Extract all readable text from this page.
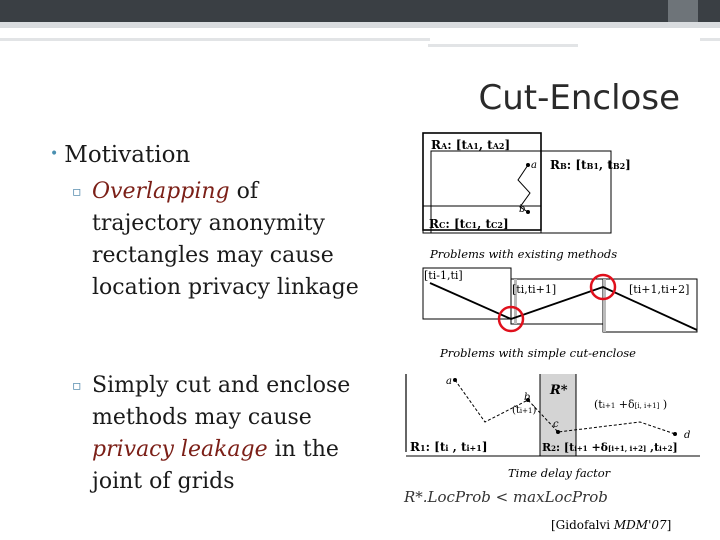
Cut-Enclose
• Motivation
▫ Overlapping of trajectory anonymity rectangles may cause location privacy linkage
▫ Simply cut and enclose methods may cause privacy leakage in the joint of grids
RA: [tA1, tA2]
RB: [tB1, tB2]
RC: [tC1, tC2]
a
b
Problems with existing methods
[ti-1,ti]
[ti,ti+1]	[ti+1,ti+2]
Problems with simple cut-enclose
R*
a
b
c
d
(ti+1)	(ti+1 +δ[i, i+1] )
R1: [ti , ti+1]	R2: [ti+1 +δ[i+1, i+2] ,ti+2]
Time delay factor
R*.LocProb < maxLocProb
[Gidofalvi MDM'07]
